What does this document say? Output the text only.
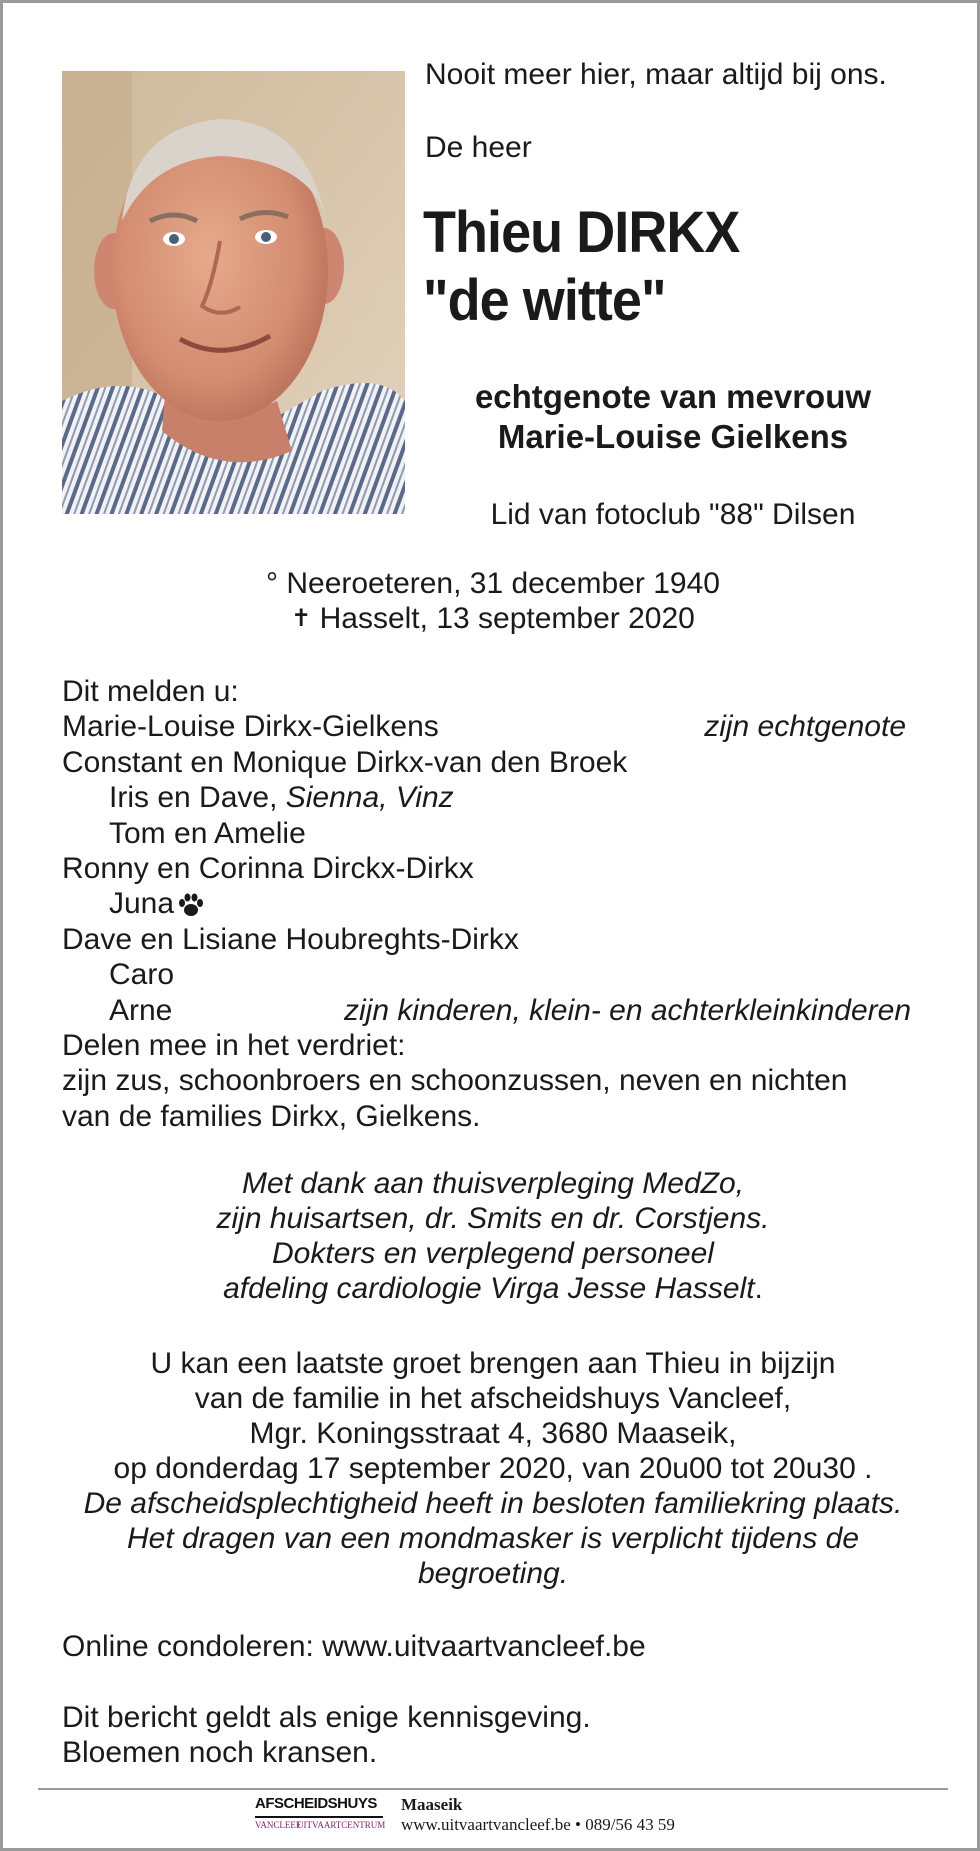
Nooit meer hier, maar altijd bij ons.
De heer
Thieu DIRKX
"de witte"
echtgenote van mevrouw
Marie-Louise Gielkens
Lid van fotoclub "88" Dilsen
° Neeroeteren, 31 december 1940
✝ Hasselt, 13 september 2020
Dit melden u:
Marie-Louise Dirkx-Gielkens	zijn echtgenote
Constant en Monique Dirkx-van den Broek
Iris en Dave, Sienna, Vinz
Tom en Amelie
Ronny en Corinna Dirckx-Dirkx
Juna
Dave en Lisiane Houbreghts-Dirkx
Caro
Arne	zijn kinderen, klein- en achterkleinkinderen
Delen mee in het verdriet:
zijn zus, schoonbroers en schoonzussen, neven en nichten
van de families Dirkx, Gielkens.
Met dank aan thuisverpleging MedZo,
zijn huisartsen, dr. Smits en dr. Corstjens.
Dokters en verplegend personeel
afdeling cardiologie Virga Jesse Hasselt.
U kan een laatste groet brengen aan Thieu in bijzijn
van de familie in het afscheidshuys Vancleef,
Mgr. Koningsstraat 4, 3680 Maaseik,
op donderdag 17 september 2020, van 20u00 tot 20u30 .
De afscheidsplechtigheid heeft in besloten familiekring plaats.
Het dragen van een mondmasker is verplicht tijdens de
begroeting.
Online condoleren: www.uitvaartvancleef.be
Dit bericht geldt als enige kennisgeving.
Bloemen noch kransen.
AFSCHEIDSHUYS
VANCLEEF
UITVAARTCENTRUM
Maaseik
www.uitvaartvancleef.be • 089/56 43 59
